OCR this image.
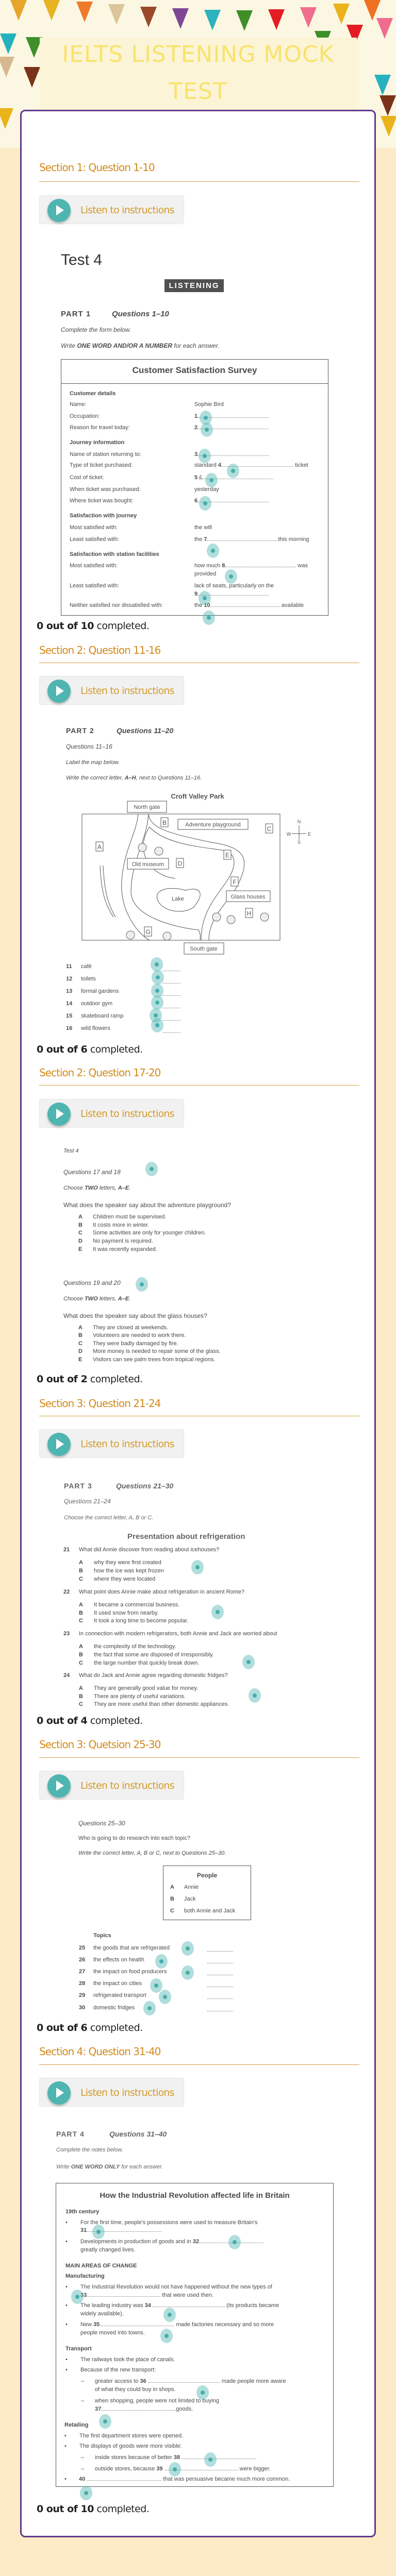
IELTS LISTENING MOCK
TEST
Section 1: Question 1-10
Listen to instructions
Test 4
LISTENING
PART 1	Questions 1–10
Complete the form below.
Write ONE WORD AND/OR A NUMBER for each answer.
Customer Satisfaction Survey
Customer details
Name:	Sophie Bird
Occupation:	1
Reason for travel today:	2
Journey information
Name of station returning to:	3
Type of ticket purchased:	standard 4	ticket
Cost of ticket:	5 £
When ticket was purchased:	yesterday
Where ticket was bought:	6
Satisfaction with journey
Most satisfied with:	the wifi
Least satisfied with:	the 7	this morning
Satisfaction with station facilities
Most satisfied with:	how much 8	was
provided
Least satisfied with:	lack of seats, particularly on the
9
Neither satisfied nor dissatisfied with:	the 10	available
0 out of 10 completed.
Section 2: Question 11-16
Listen to instructions
PART 2	Questions 11–20
Questions 11–16
Label the map below.
Write the correct letter, A–H, next to Questions 11–16.
Croft Valley Park
North gate
South gate
Adventure playground
Old museum
Glass houses
Lake
A
B
C
D
E
F
G
H
N
S
W	E
11 café
12 toilets
13 formal gardens
14 outdoor gym
15 skateboard ramp
16 wild flowers
0 out of 6 completed.
Section 2: Question 17-20
Listen to instructions
Test 4
Questions 17 and 18
Choose TWO letters, A–E.
What does the speaker say about the adventure playground?
A Children must be supervised.
B It costs more in winter.
C Some activities are only for younger children.
D No payment is required.
E It was recently expanded.
Questions 19 and 20
Choose TWO letters, A–E.
What does the speaker say about the glass houses?
A They are closed at weekends.
B Volunteers are needed to work there.
C They were badly damaged by fire.
D More money is needed to repair some of the glass.
E Visitors can see palm trees from tropical regions.
0 out of 2 completed.
Section 3: Question 21-24
Listen to instructions
PART 3	Questions 21–30
Questions 21–24
Choose the correct letter, A, B or C.
Presentation about refrigeration
21 What did Annie discover from reading about icehouses?
A why they were first created
B how the ice was kept frozen
C where they were located
22 What point does Annie make about refrigeration in ancient Rome?
A It became a commercial business.
B It used snow from nearby.
C It took a long time to become popular.
23 In connection with modern refrigerators, both Annie and Jack are worried about
A the complexity of the technology.
B the fact that some are disposed of irresponsibly.
C the large number that quickly break down.
24 What do Jack and Annie agree regarding domestic fridges?
A They are generally good value for money.
B There are plenty of useful variations.
C They are more useful than other domestic appliances.
0 out of 4 completed.
Section 3: Quetsion 25-30
Listen to instructions
Questions 25–30
Who is going to do research into each topic?
Write the correct letter, A, B or C, next to Questions 25–30.
People
A Annie
B Jack
C both Annie and Jack
Topics
25 the goods that are refrigerated
26 the effects on health
27 the impact on food producers
28 the impact on cities
29 refrigerated transport
30 domestic fridges
0 out of 6 completed.
Section 4: Question 31-40
Listen to instructions
PART 4	Questions 31–40
Complete the notes below.
Write ONE WORD ONLY for each answer.
How the Industrial Revolution affected life in Britain
19th century
• For the first time, people's possessions were used to measure Britain's
31
• Developments in production of goods and in 32
greatly changed lives.
MAIN AREAS OF CHANGE
Manufacturing
• The Industrial Revolution would not have happened without the new types of
33	that were used then.
• The leading industry was 34	(its products became
widely available).
• New 35	made factories necessary and so more
people moved into towns.
Transport
• The railways took the place of canals.
• Because of the new transport:
– greater access to 36	made people more aware
of what they could buy in shops.
– when shopping, people were not limited to buying
37	goods.
Retailing
• The first department stores were opened.
• The displays of goods were more visible:
– inside stores because of better 38
– outside stores, because 39	were bigger.
• 40	that was persuasive became much more common.
0 out of 10 completed.
